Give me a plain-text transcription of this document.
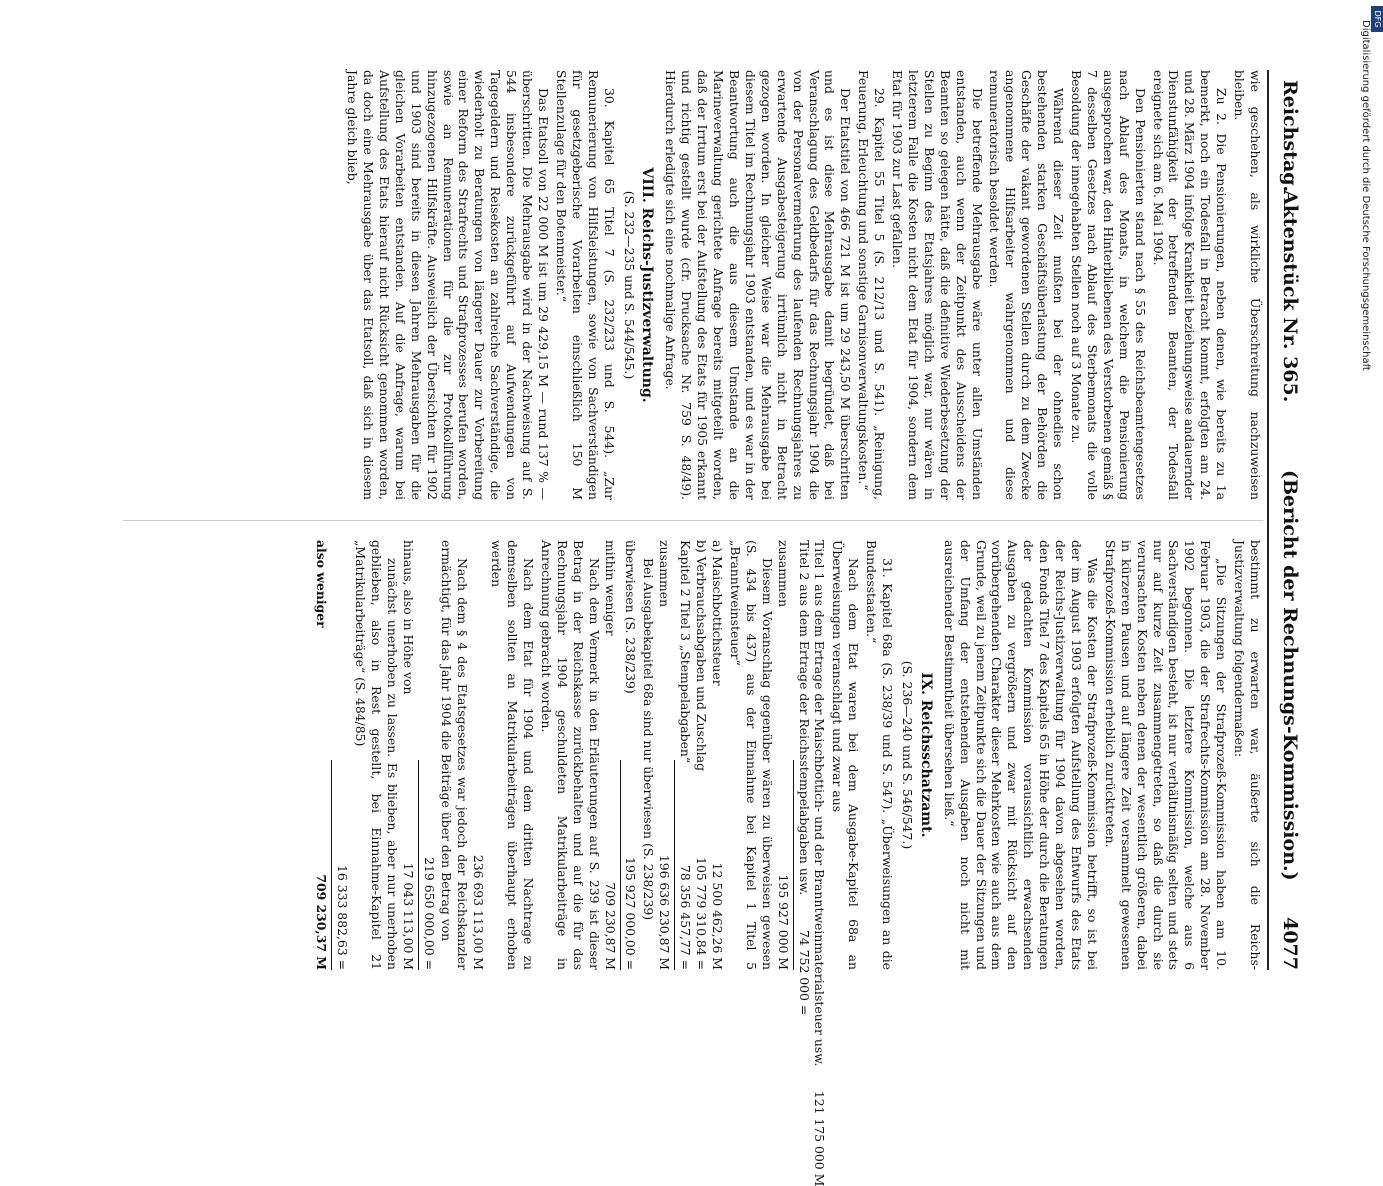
DFG
Digitalisierung gefördert durch die Deutsche Forschungsgemeinschaft
Reichstag.
Aktenstück Nr. 365.
(Bericht der Rechnungs-Kommission.)
4077

wie geschehen, als wirkliche Überschreitung nachzuweisen bleiben.

Zu 2. Die Pensionierungen, neben denen, wie bereits zu 1a bemerkt, noch ein Todesfall in Betracht kommt, erfolgten am 24. und 28. März 1904 infolge Krankheit beziehungsweise andauernder Dienstunfähigkeit der betreffenden Beamten, der Todesfall ereignete sich am 6. Mai 1904.

Den Pensionierten stand nach § 55 des Reichsbeamtengesetzes nach Ablauf des Monats, in welchem die Pensionierung ausgesprochen war, den Hinterbliebenen des Verstorbenen gemäß § 7 desselben Gesetzes nach Ablauf des Sterbemonats die volle Besoldung der innegehabten Stellen noch auf 3 Monate zu.

Während dieser Zeit mußten bei der ohnedies schon bestehenden starken Geschäftsüberlastung der Behörden die Geschäfte der vakant gewordenen Stellen durch zu dem Zwecke angenommene Hilfsarbeiter wahrgenommen und diese remuneratorisch besoldet werden.

Die betreffende Mehrausgabe wäre unter allen Umständen entstanden, auch wenn der Zeitpunkt des Ausscheidens der Beamten so gelegen hätte, daß die definitive Wiederbesetzung der Stellen zu Beginn des Etatsjahres möglich war, nur wären in letzterem Falle die Kosten nicht dem Etat für 1904, sondern dem Etat für 1903 zur Last gefallen.

29. Kapitel 55 Titel 5 (S. 212/13 und S. 541). „Reinigung, Feuerung, Erleuchtung und sonstige Garnisonverwaltungskosten.“

Der Etatstitel von 466 721 M ist um 29 243,50 M überschritten und es ist diese Mehrausgabe damit begründet, daß bei Veranschlagung des Geldbedarfs für das Rechnungsjahr 1904 die von der Personalvermehrung des laufenden Rechnungsjahres zu erwartende Ausgabesteigerung irrtümlich nicht in Betracht gezogen worden. In gleicher Weise war die Mehrausgabe bei diesem Titel im Rechnungsjahr 1903 entstanden, und es war in der Beantwortung auch die aus diesem Umstande an die Marineverwaltung gerichtete Anfrage bereits mitgeteilt worden, daß der Irrtum erst bei der Aufstellung des Etats für 1905 erkannt und richtig gestellt wurde (cfr. Drucksache Nr. 759 S. 48/49). Hierdurch erledigte sich eine nochmalige Anfrage.

VIII. Reichs-Justizverwaltung.
(S. 232—235 und S. 544/545.)

30. Kapitel 65 Titel 7 (S. 232/233 und S. 544). „Zur Remunerierung von Hilfsleistungen, sowie von Sachverständigen für gesetzgeberische Vorarbeiten einschließlich 150 M Stellenzulage für den Botenmeister.“

Das Etatsoll von 22 000 M ist um 29 429,15 M — rund 137 % — überschritten. Die Mehrausgabe wird in der Nachweisung auf S. 544 insbesondere zurückgeführt auf Aufwendungen von Tagegeldern und Reisekosten an zahlreiche Sachverständige, die wiederholt zu Beratungen von längerer Dauer zur Vorbereitung einer Reform des Strafrechts und Strafprozesses berufen worden, sowie an Remunerationen für die zur Protokollführung hinzugezogenen Hilfskräfte. Ausweislich der Übersichten für 1902 und 1903 sind bereits in diesen Jahren Mehrausgaben für die gleichen Vorarbeiten entstanden. Auf die Anfrage, warum bei Aufstellung des Etats hierauf nicht Rücksicht genommen worden, da doch eine Mehrausgabe über das Etatsoll, daß sich in diesem Jahre gleich blieb,

bestimmt zu erwarten war, äußerte sich die Reichs-Justizverwaltung folgendermaßen:

„Die Sitzungen der Strafprozeß-Kommission haben am 10. Februar 1903, die der Strafrechts-Kommission am 28. November 1902 begonnen. Die letztere Kommission, welche aus 6 Sachverständigen besteht, ist nur verhältnismäßig selten und stets nur auf kurze Zeit zusammengetreten, so daß die durch sie verursachten Kosten neben denen der wesentlich größeren, dabei in kürzeren Pausen und auf längere Zeit versammelt gewesenen Strafprozeß-Kommission erheblich zurücktreten.

Was die Kosten der Strafprozeß-Kommission betrifft, so ist bei der im August 1903 erfolgten Aufstellung des Entwurfs des Etats der Reichs-Justizverwaltung für 1904 davon abgesehen worden, den Fonds Titel 7 des Kapitels 65 in Höhe der durch die Beratungen der gedachten Kommission voraussichtlich erwachsenden Ausgaben zu vergrößern und zwar mit Rücksicht auf den vorübergehenden Charakter dieser Mehrkosten wie auch aus dem Grunde, weil zu jenem Zeitpunkte sich die Dauer der Sitzungen und der Umfang der entstehenden Ausgaben noch nicht mit ausreichender Bestimmtheit übersehen ließ.“

IX. Reichsschatzamt.
(S. 236—240 und S. 546/547.)

31. Kapitel 68a (S. 238/39 und S. 547). „Überweisungen an die Bundesstaaten.“

Nach dem Etat waren bei dem Ausgabe-Kapitel 68a an Überweisungen veranschlagt und zwar aus

Titel 1 aus dem Ertrage der Maischbottich- und der Branntweinmaterialsteuer usw.
121 175 000 M
Titel 2 aus dem Ertrage der Reichsstempelabgaben usw.
74 752 000 =
zusammen
195 927 000 M

Diesem Voranschlag gegenüber wären zu überweisen gewesen (S. 434 bis 437) aus der Einnahme bei Kapitel 1 Titel 5 „Branntweinsteuer“

a) Maischbottichsteuer
12 500 462,26 M
b) Verbrauchsabgaben und Zuschlag
105 779 310,84 =
Kapitel 2 Titel 3 „Stempelabgaben“
78 356 457,77 =
zusammen
196 636 230,87 M

Bei Ausgabekapitel 68a sind nur überwiesen (S. 238/239)

überwiesen (S. 238/239)
195 927 000,00 =
mithin weniger
709 230,87 M

Nach dem Vermerk in den Erläuterungen auf S. 239 ist dieser Betrag in der Reichskasse zurückbehalten und auf die für das Rechnungsjahr 1904 geschuldeten Matrikularbeiträge in Anrechnung gebracht worden.

Nach dem Etat für 1904 und dem dritten Nachtrage zu demselben sollten an Matrikularbeiträgen überhaupt erhoben werden

236 693 113,00 M

Nach dem § 4 des Etatsgesetzes war jedoch der Reichskanzler ermächtigt, für das Jahr 1904 die Beiträge über den Betrag von

219 650 000,00 =
hinaus, also in Höhe von
17 043 113,00 M

zunächst unerhoben zu lassen. Es blieben, aber nur unerhoben geblieben, also in Rest gestellt, bei Einnahme-Kapitel 21 „Matrikularbeiträge“ (S. 484/85)

16 333 882,63 =
also weniger
709 230,37 M
